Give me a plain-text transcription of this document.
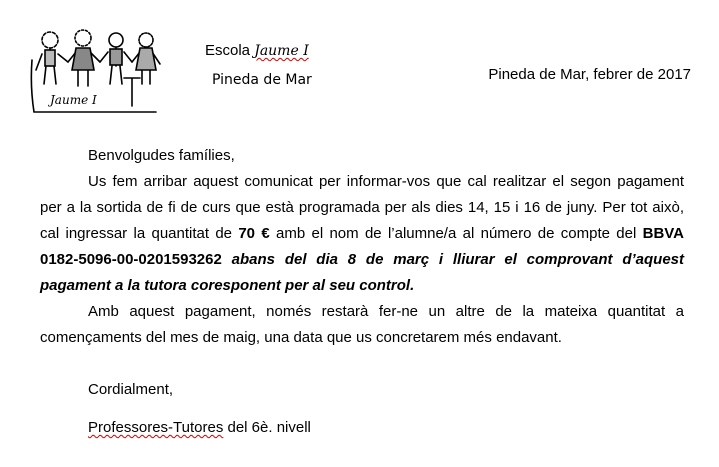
Jaume I
Escola Jaume I
Pineda de Mar	Pineda de Mar, febrer de 2017
Benvolgudes famílies,

Us fem arribar aquest comunicat per informar-vos que cal realitzar el segon pagament per a la sortida de fi de curs que està programada per als dies 14, 15 i 16 de juny. Per tot això, cal ingressar la quantitat de 70 € amb el nom de l’alumne/a al número de compte del BBVA 0182-5096-00-0201593262 abans del dia 8 de març i lliurar el comprovant d’aquest pagament a la tutora coresponent per al seu control.

Amb aquest pagament, només restarà fer-ne un altre de la mateixa quantitat a començaments del mes de maig, una data que us concretarem més endavant.

Cordialment,
Professores-Tutores del 6è. nivell
